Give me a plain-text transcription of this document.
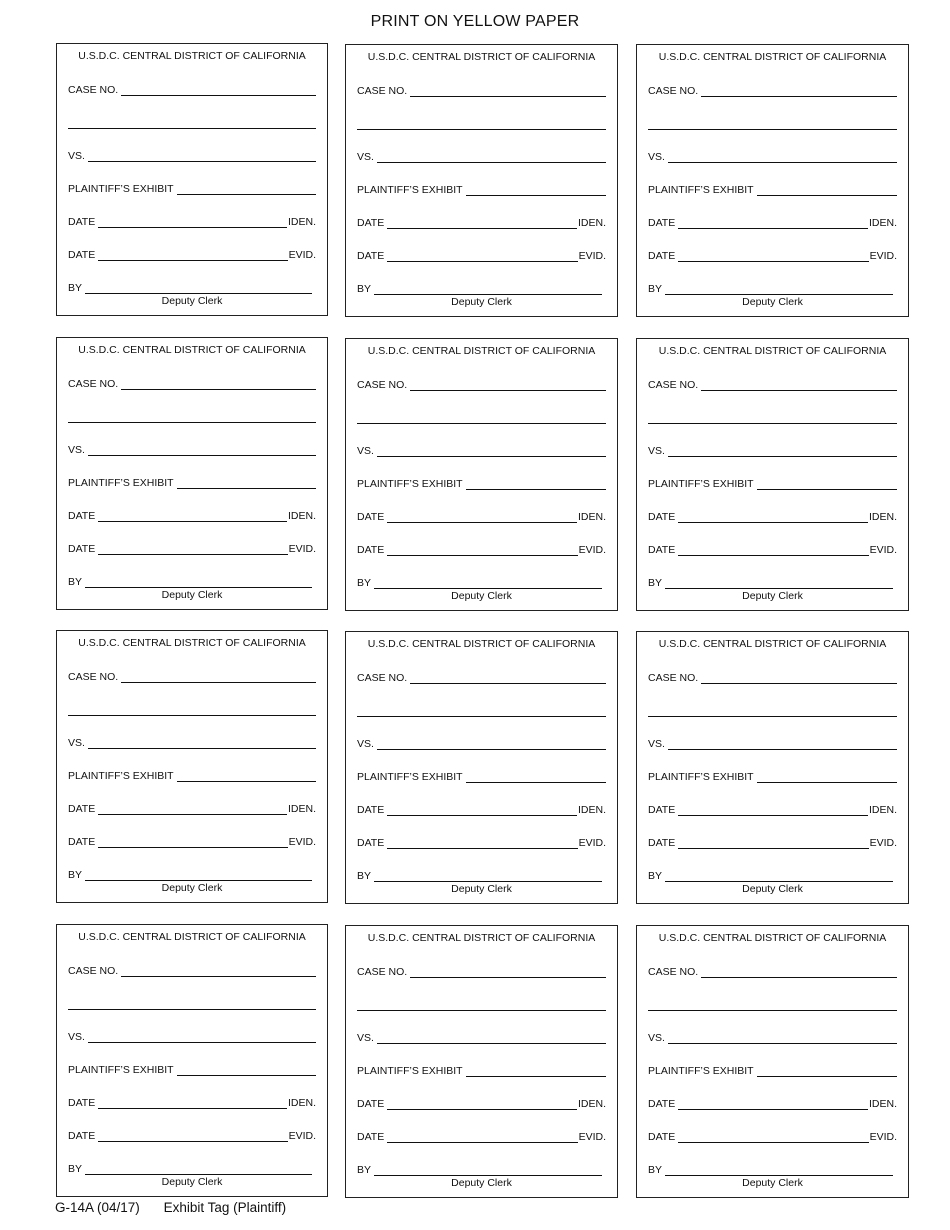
PRINT ON YELLOW PAPER
U.S.D.C. CENTRAL DISTRICT OF CALIFORNIA
CASE NO.
VS.
PLAINTIFF’S EXHIBIT
DATE	IDEN.
DATE	EVID.
BY
Deputy Clerk
U.S.D.C. CENTRAL DISTRICT OF CALIFORNIA
CASE NO.
VS.
PLAINTIFF’S EXHIBIT
DATE	IDEN.
DATE	EVID.
BY
Deputy Clerk
U.S.D.C. CENTRAL DISTRICT OF CALIFORNIA
CASE NO.
VS.
PLAINTIFF’S EXHIBIT
DATE	IDEN.
DATE	EVID.
BY
Deputy Clerk
U.S.D.C. CENTRAL DISTRICT OF CALIFORNIA
CASE NO.
VS.
PLAINTIFF’S EXHIBIT
DATE	IDEN.
DATE	EVID.
BY
Deputy Clerk
U.S.D.C. CENTRAL DISTRICT OF CALIFORNIA
CASE NO.
VS.
PLAINTIFF’S EXHIBIT
DATE	IDEN.
DATE	EVID.
BY
Deputy Clerk
U.S.D.C. CENTRAL DISTRICT OF CALIFORNIA
CASE NO.
VS.
PLAINTIFF’S EXHIBIT
DATE	IDEN.
DATE	EVID.
BY
Deputy Clerk
U.S.D.C. CENTRAL DISTRICT OF CALIFORNIA
CASE NO.
VS.
PLAINTIFF’S EXHIBIT
DATE	IDEN.
DATE	EVID.
BY
Deputy Clerk
U.S.D.C. CENTRAL DISTRICT OF CALIFORNIA
CASE NO.
VS.
PLAINTIFF’S EXHIBIT
DATE	IDEN.
DATE	EVID.
BY
Deputy Clerk
U.S.D.C. CENTRAL DISTRICT OF CALIFORNIA
CASE NO.
VS.
PLAINTIFF’S EXHIBIT
DATE	IDEN.
DATE	EVID.
BY
Deputy Clerk
U.S.D.C. CENTRAL DISTRICT OF CALIFORNIA
CASE NO.
VS.
PLAINTIFF’S EXHIBIT
DATE	IDEN.
DATE	EVID.
BY
Deputy Clerk
U.S.D.C. CENTRAL DISTRICT OF CALIFORNIA
CASE NO.
VS.
PLAINTIFF’S EXHIBIT
DATE	IDEN.
DATE	EVID.
BY
Deputy Clerk
U.S.D.C. CENTRAL DISTRICT OF CALIFORNIA
CASE NO.
VS.
PLAINTIFF’S EXHIBIT
DATE	IDEN.
DATE	EVID.
BY
Deputy Clerk
G-14A (04/17) Exhibit Tag (Plaintiff)
